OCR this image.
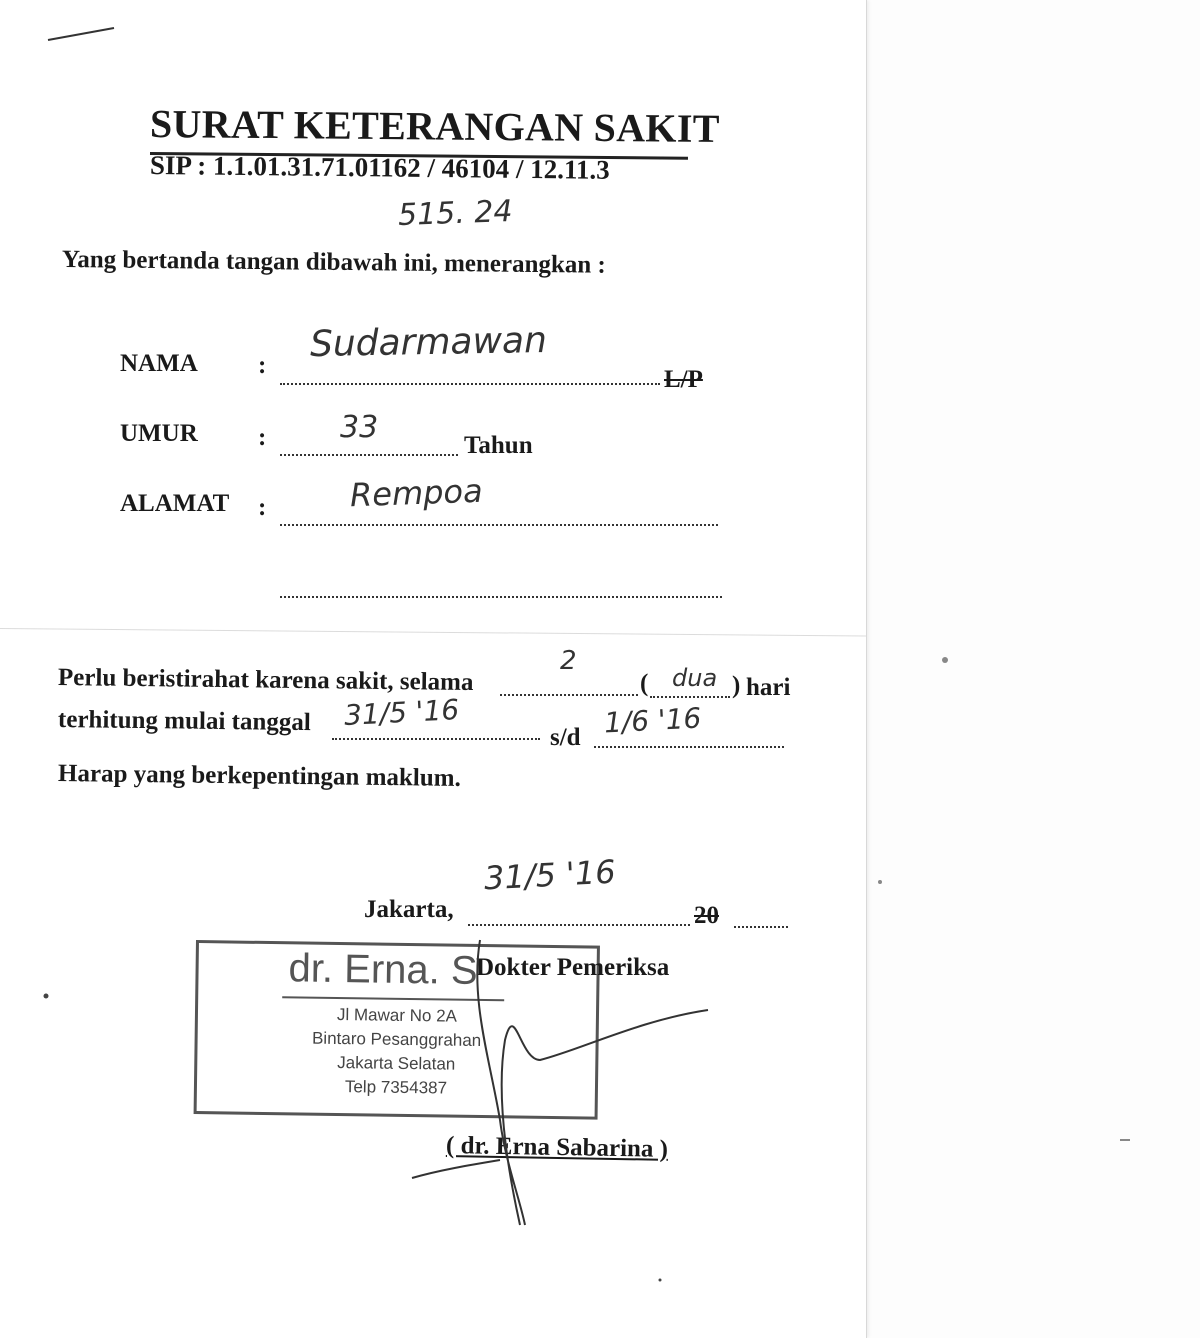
SURAT KETERANGAN SAKIT
SIP : 1.1.01.31.71.01162 / 46104 / 12.11.3
515. 24
Yang bertanda tangan dibawah ini, menerangkan :
NAMA :
Sudarmawan
L/P
UMUR : 33
Tahun
ALAMAT :	Rempoa
Perlu beristirahat karena sakit, selama
2
( dua ) hari
terhitung mulai tanggal 31/5 '16
s/d 1/6 '16
Harap yang berkepentingan maklum.
Jakarta,
31/5 '16
20
dr. Erna. S
Jl Mawar No 2A
Bintaro Pesanggrahan
Jakarta Selatan
Telp 7354387
Dokter Pemeriksa
( dr. Erna Sabarina )
